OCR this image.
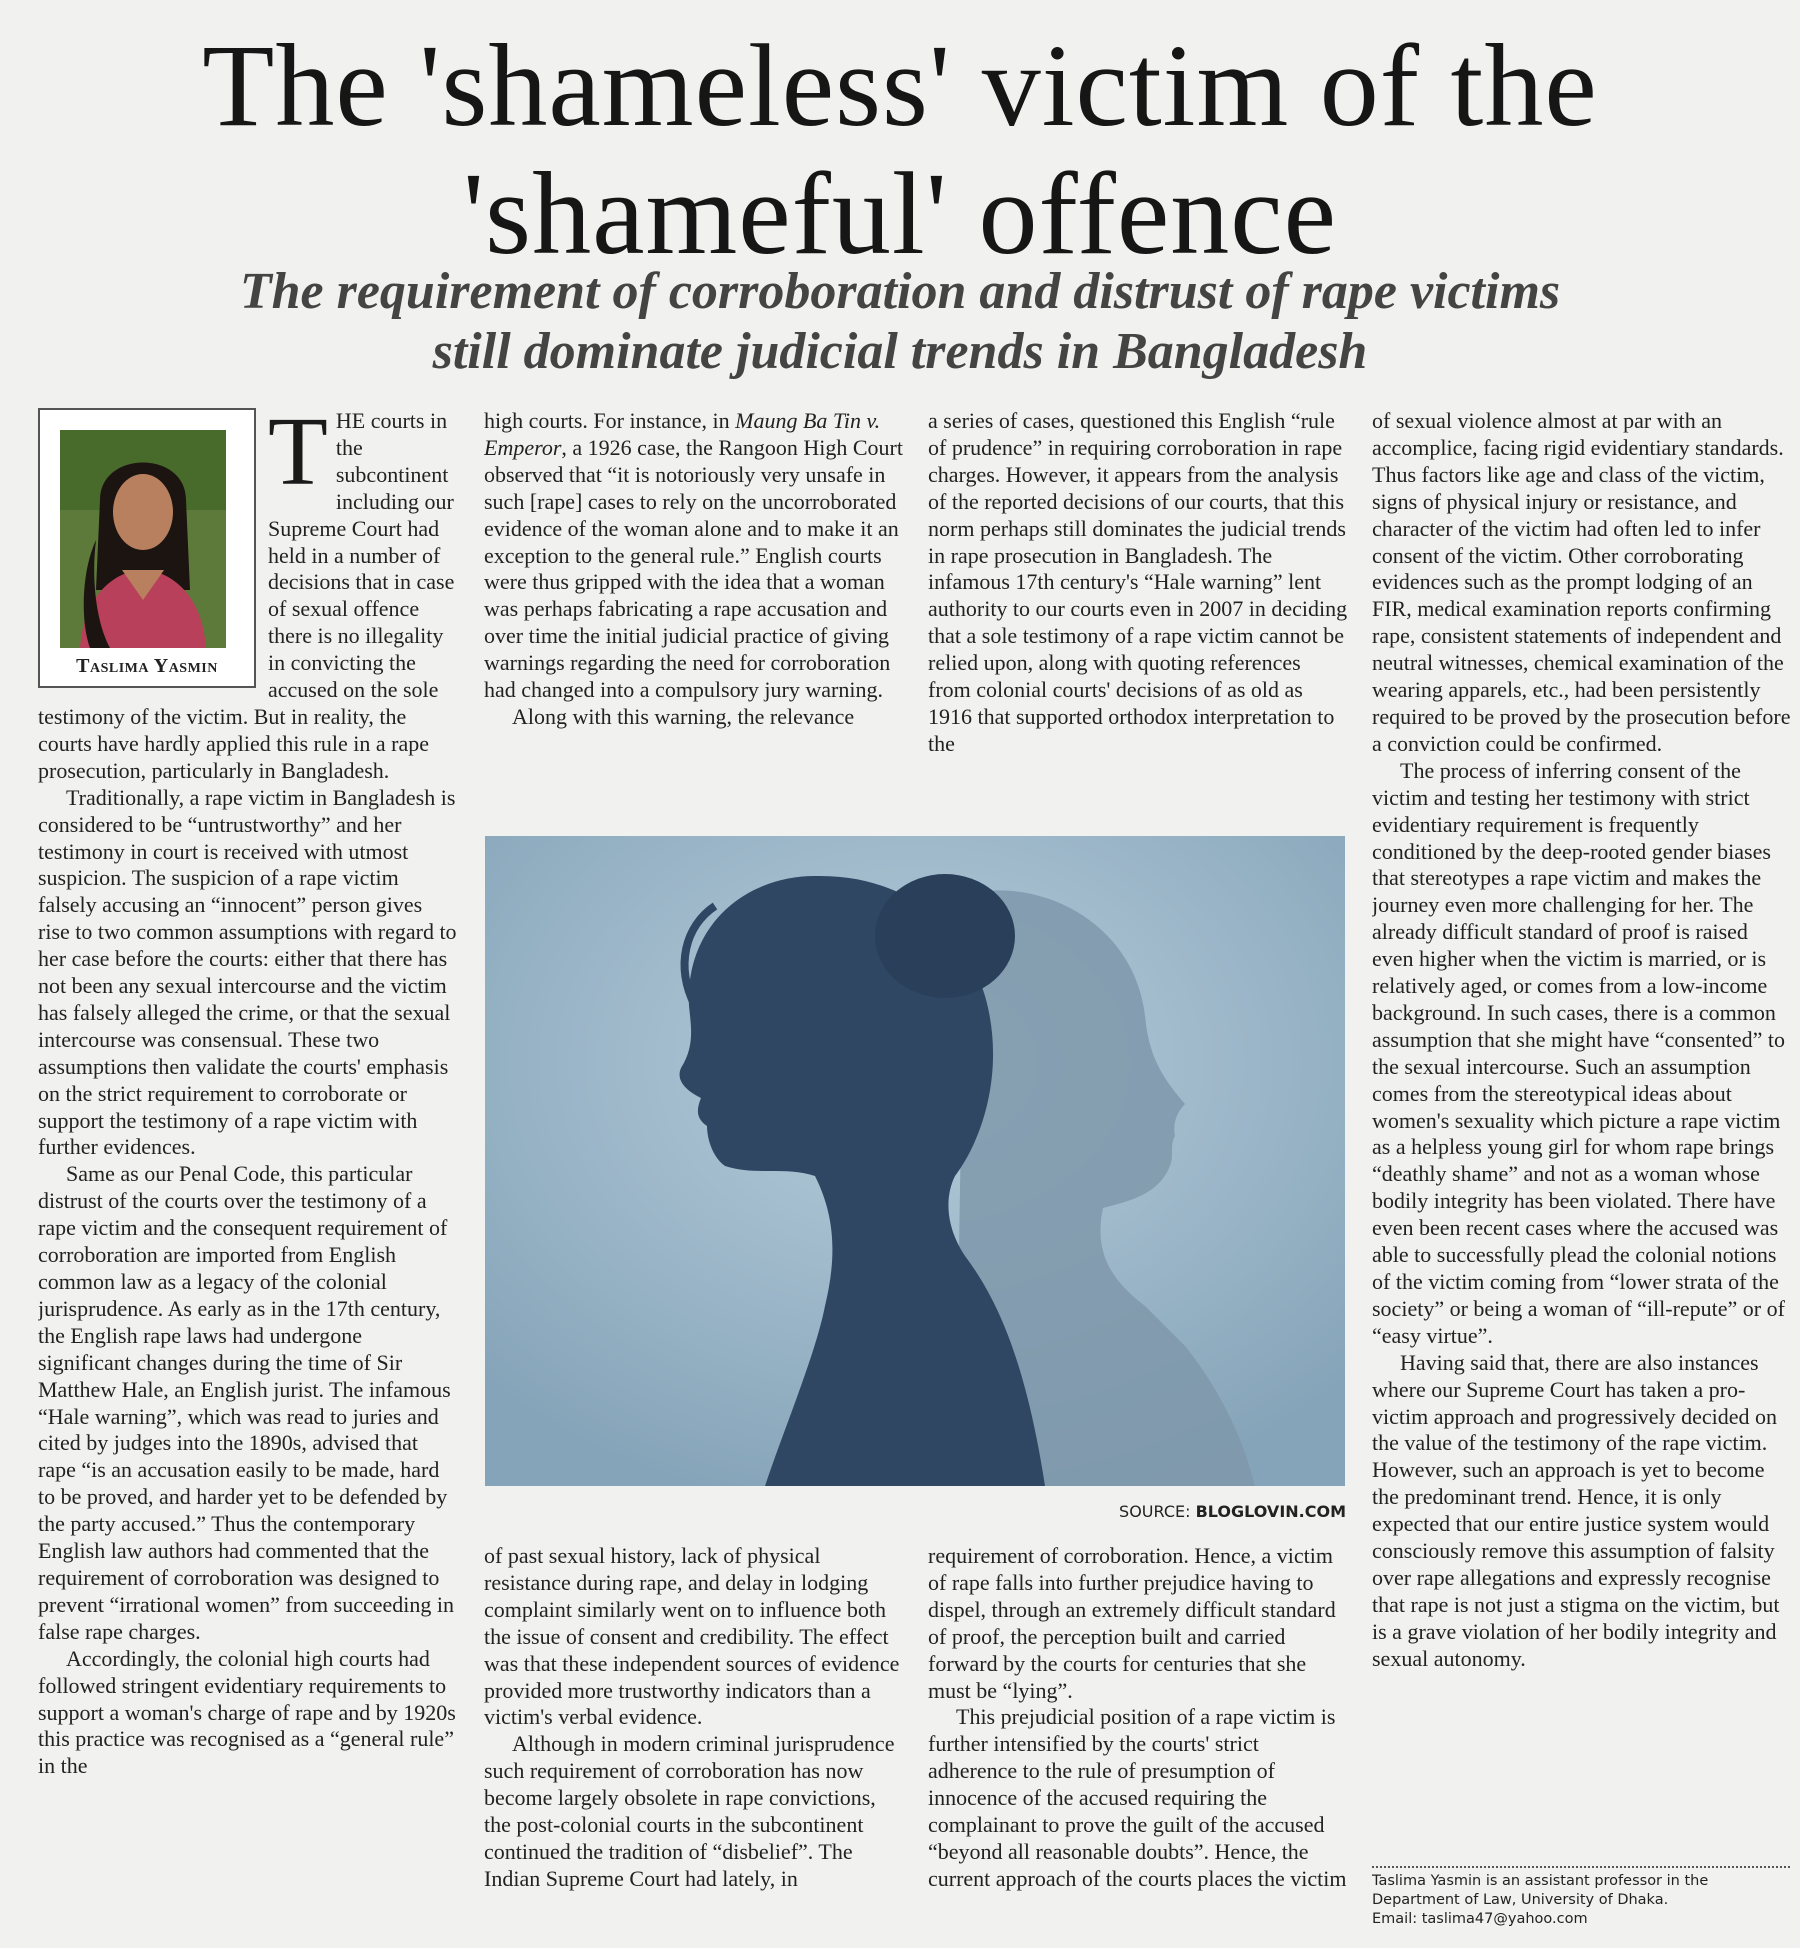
The 'shameless' victim of the
'shameful' offence
The requirement of corroboration and distrust of rape victims
still dominate judicial trends in Bangladesh
Taslima Yasmin
T HE courts in the subcontinent including our Supreme Court had held in a number of decisions that in case of sexual offence there is no illegality in convicting the accused on the sole testimony of the victim. But in reality, the courts have hardly applied this rule in a rape prosecution, particularly in Bangladesh.

Traditionally, a rape victim in Bangladesh is considered to be “untrustworthy” and her testimony in court is received with utmost suspicion. The suspicion of a rape victim falsely accusing an “innocent” person gives rise to two common assumptions with regard to her case before the courts: either that there has not been any sexual intercourse and the victim has falsely alleged the crime, or that the sexual intercourse was consensual. These two assumptions then validate the courts' emphasis on the strict requirement to corroborate or support the testimony of a rape victim with further evidences.

Same as our Penal Code, this particular distrust of the courts over the testimony of a rape victim and the consequent requirement of corroboration are imported from English common law as a legacy of the colonial jurisprudence. As early as in the 17th century, the English rape laws had undergone significant changes during the time of Sir Matthew Hale, an English jurist. The infamous “Hale warning”, which was read to juries and cited by judges into the 1890s, advised that rape “is an accusation easily to be made, hard to be proved, and harder yet to be defended by the party accused.” Thus the contemporary English law authors had commented that the requirement of corroboration was designed to prevent “irrational women” from succeeding in false rape charges.

Accordingly, the colonial high courts had followed stringent evidentiary requirements to support a woman's charge of rape and by 1920s this practice was recognised as a “general rule” in the

high courts. For instance, in Maung Ba Tin v. Emperor, a 1926 case, the Rangoon High Court observed that “it is notoriously very unsafe in such [rape] cases to rely on the uncorroborated evidence of the woman alone and to make it an exception to the general rule.” English courts were thus gripped with the idea that a woman was perhaps fabricating a rape accusation and over time the initial judicial practice of giving warnings regarding the need for corroboration had changed into a compulsory jury warning.

Along with this warning, the relevance

a series of cases, questioned this English “rule of prudence” in requiring corroboration in rape charges. However, it appears from the analysis of the reported decisions of our courts, that this norm perhaps still dominates the judicial trends in rape prosecution in Bangladesh. The infamous 17th century's “Hale warning” lent authority to our courts even in 2007 in deciding that a sole testimony of a rape victim cannot be relied upon, along with quoting references from colonial courts' decisions of as old as 1916 that supported orthodox interpretation to the

SOURCE: BLOGLOVIN.COM

of past sexual history, lack of physical resistance during rape, and delay in lodging complaint similarly went on to influence both the issue of consent and credibility. The effect was that these independent sources of evidence provided more trustworthy indicators than a victim's verbal evidence.

Although in modern criminal jurisprudence such requirement of corroboration has now become largely obsolete in rape convictions, the post-colonial courts in the subcontinent continued the tradition of “disbelief”. The Indian Supreme Court had lately, in

requirement of corroboration. Hence, a victim of rape falls into further prejudice having to dispel, through an extremely difficult standard of proof, the perception built and carried forward by the courts for centuries that she must be “lying”.

This prejudicial position of a rape victim is further intensified by the courts' strict adherence to the rule of presumption of innocence of the accused requiring the complainant to prove the guilt of the accused “beyond all reasonable doubts”. Hence, the current approach of the courts places the victim

of sexual violence almost at par with an accomplice, facing rigid evidentiary standards. Thus factors like age and class of the victim, signs of physical injury or resistance, and character of the victim had often led to infer consent of the victim. Other corroborating evidences such as the prompt lodging of an FIR, medical examination reports confirming rape, consistent statements of independent and neutral witnesses, chemical examination of the wearing apparels, etc., had been persistently required to be proved by the prosecution before a conviction could be confirmed.

The process of inferring consent of the victim and testing her testimony with strict evidentiary requirement is frequently conditioned by the deep-rooted gender biases that stereotypes a rape victim and makes the journey even more challenging for her. The already difficult standard of proof is raised even higher when the victim is married, or is relatively aged, or comes from a low-income background. In such cases, there is a common assumption that she might have “consented” to the sexual intercourse. Such an assumption comes from the stereotypical ideas about women's sexuality which picture a rape victim as a helpless young girl for whom rape brings “deathly shame” and not as a woman whose bodily integrity has been violated. There have even been recent cases where the accused was able to successfully plead the colonial notions of the victim coming from “lower strata of the society” or being a woman of “ill-repute” or of “easy virtue”.

Having said that, there are also instances where our Supreme Court has taken a pro-victim approach and progressively decided on the value of the testimony of the rape victim. However, such an approach is yet to become the predominant trend. Hence, it is only expected that our entire justice system would consciously remove this assumption of falsity over rape allegations and expressly recognise that rape is not just a stigma on the victim, but is a grave violation of her bodily integrity and sexual autonomy.

Taslima Yasmin is an assistant professor in the
Department of Law, University of Dhaka.
Email: taslima47@yahoo.com
